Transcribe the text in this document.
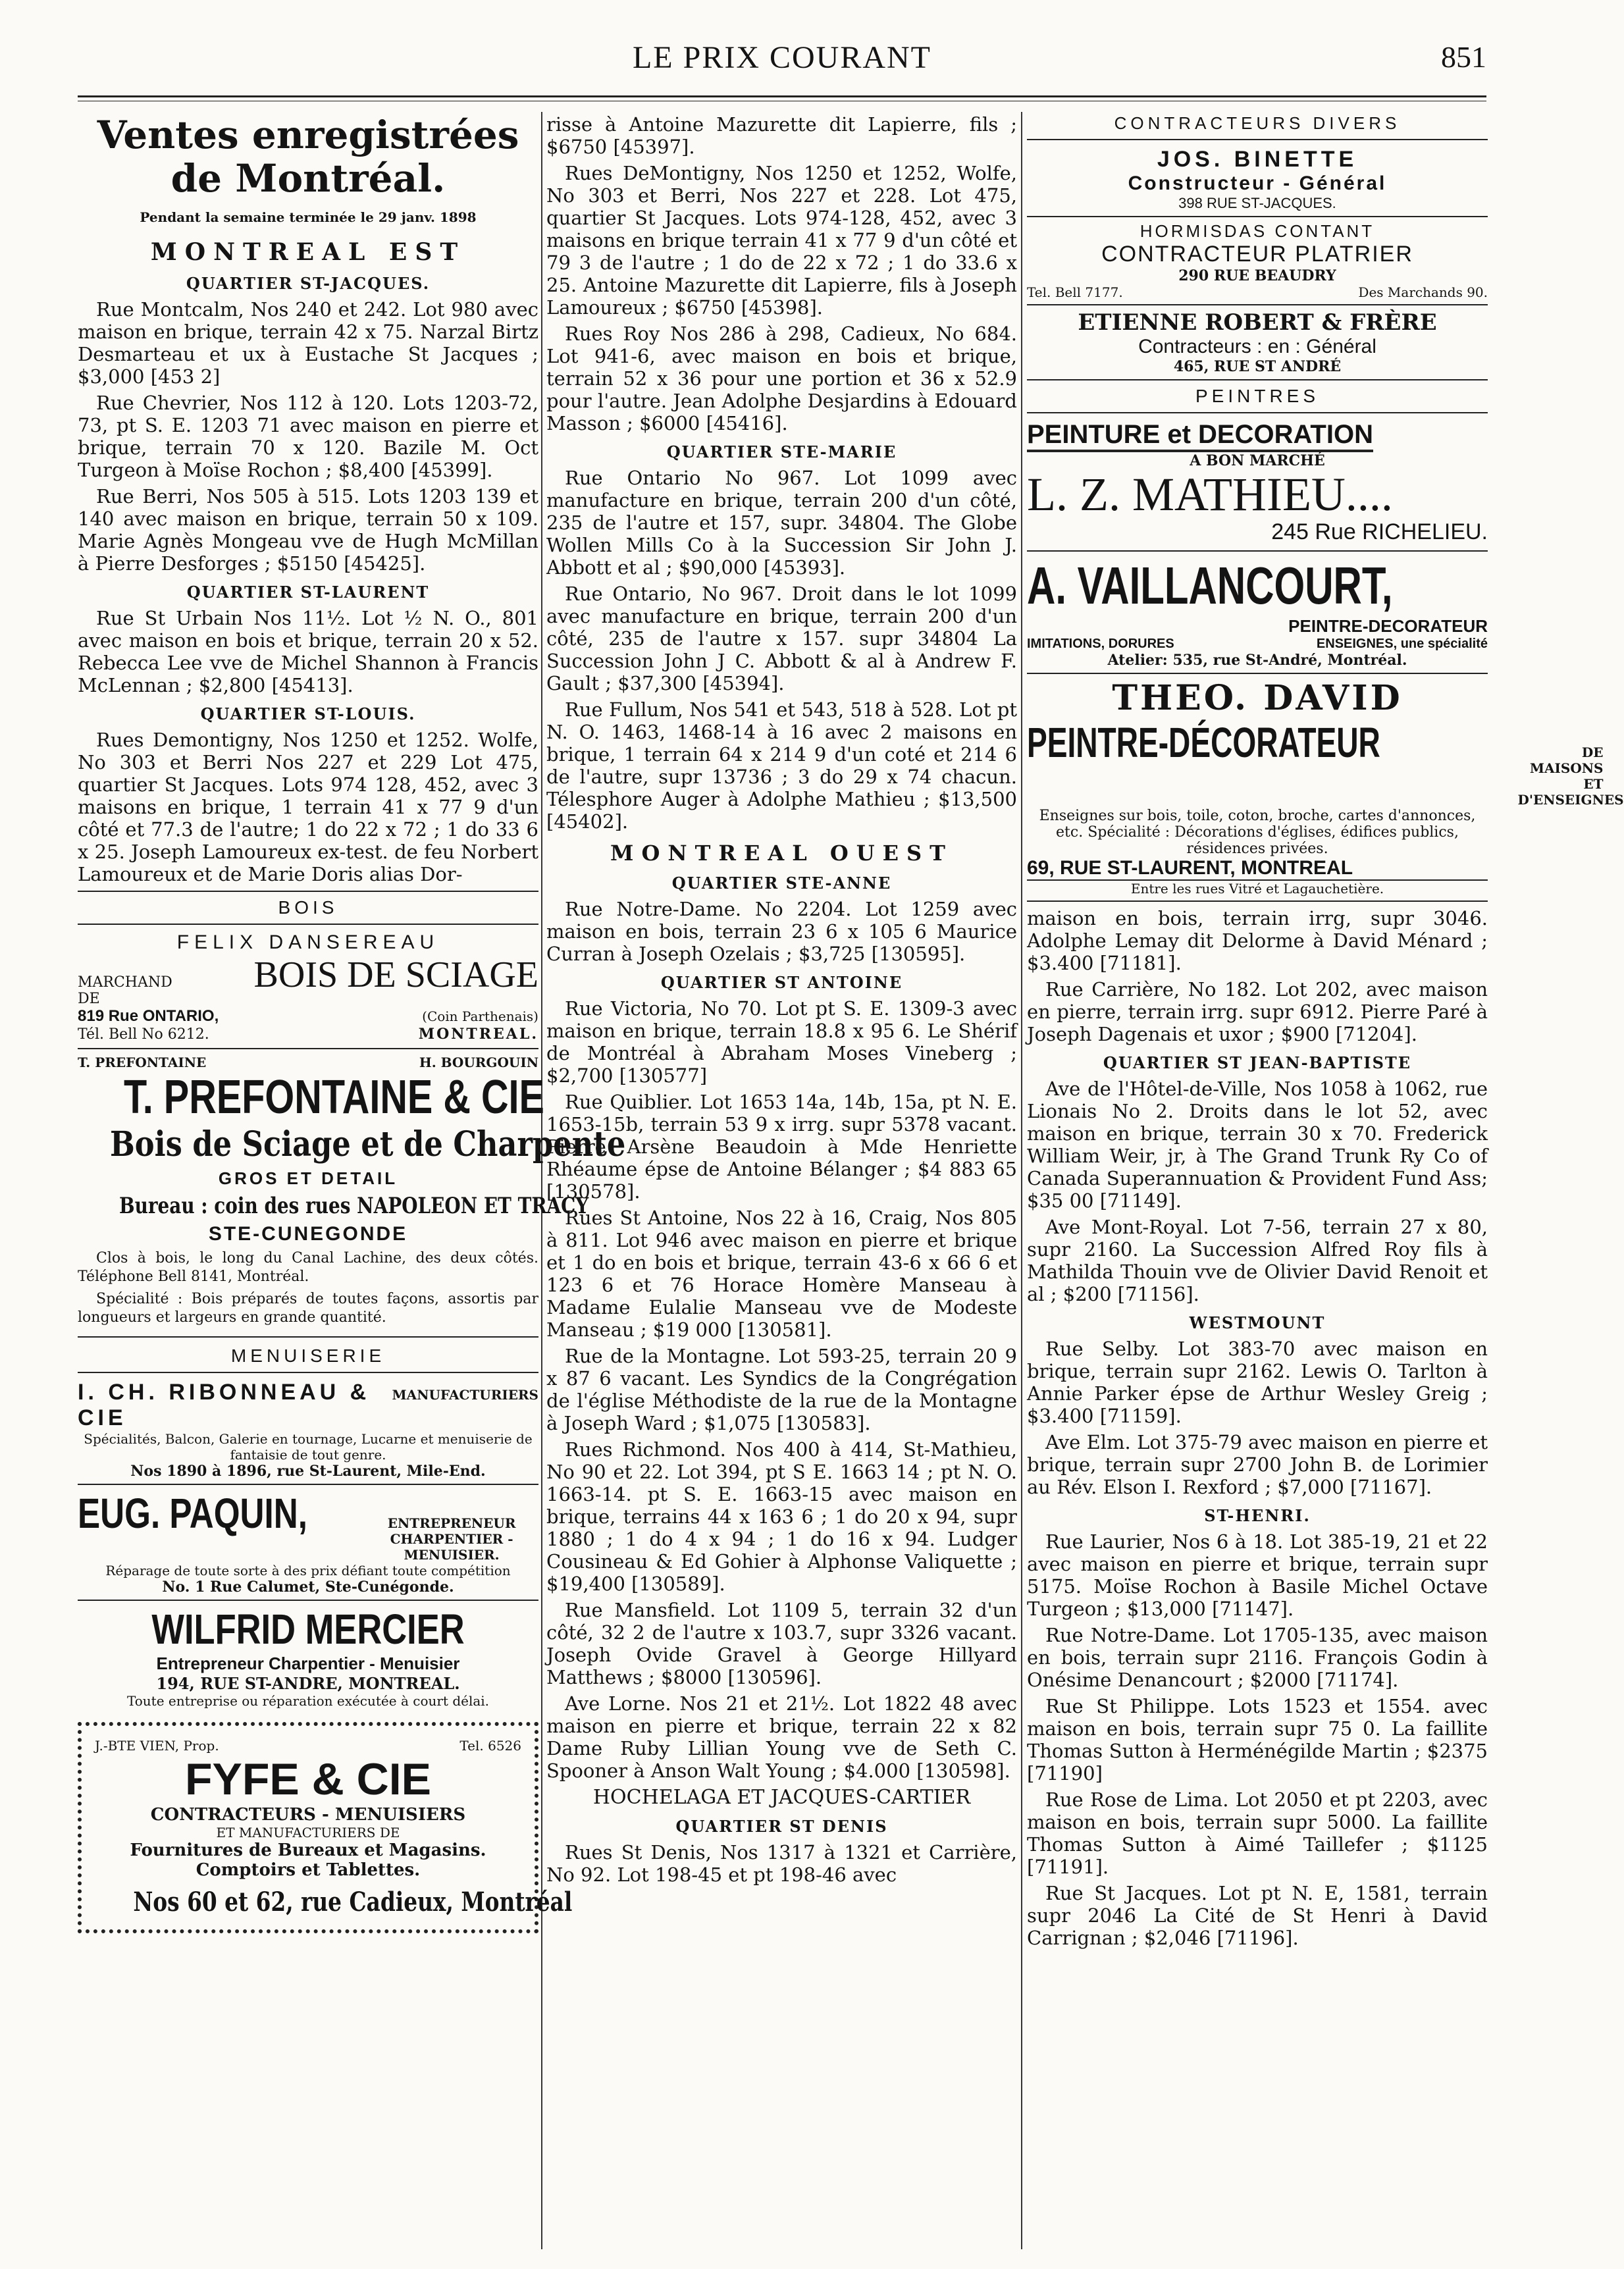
LE PRIX COURANT	851
Ventes enregistrées de Montréal.
Pendant la semaine terminée le 29 janv. 1898
MONTREAL EST
QUARTIER ST-JACQUES.

Rue Montcalm, Nos 240 et 242. Lot 980 avec maison en brique, terrain 42 x 75. Narzal Birtz Desmarteau et ux à Eustache St Jacques ; $3,000 [453 2]

Rue Chevrier, Nos 112 à 120. Lots 1203-72, 73, pt S. E. 1203 71 avec maison en pierre et brique, terrain 70 x 120. Bazile M. Oct Turgeon à Moïse Rochon ; $8,400 [45399].

Rue Berri, Nos 505 à 515. Lots 1203 139 et 140 avec maison en brique, terrain 50 x 109. Marie Agnès Mongeau vve de Hugh McMillan à Pierre Desforges ; $5150 [45425].

QUARTIER ST-LAURENT

Rue St Urbain Nos 11½. Lot ½ N. O., 801 avec maison en bois et brique, terrain 20 x 52. Rebecca Lee vve de Michel Shannon à Francis McLennan ; $2,800 [45413].

QUARTIER ST-LOUIS.

Rues Demontigny, Nos 1250 et 1252. Wolfe, No 303 et Berri Nos 227 et 229 Lot 475, quartier St Jacques. Lots 974 128, 452, avec 3 maisons en brique, 1 terrain 41 x 77 9 d'un côté et 77.3 de l'autre; 1 do 22 x 72 ; 1 do 33 6 x 25. Joseph Lamoureux ex-test. de feu Norbert Lamoureux et de Marie Doris alias Dor-

BOIS
FELIX DANSEREAU
MARCHAND DE
BOIS DE SCIAGE
819 Rue ONTARIO,	(Coin Parthenais)
Tél. Bell No 6212.	MONTREAL.
T. PREFONTAINE	H. BOURGOUIN
T. PREFONTAINE & CIE
Bois de Sciage et de Charpente
GROS ET DETAIL
Bureau : coin des rues NAPOLEON ET TRACY
STE-CUNEGONDE

Clos à bois, le long du Canal Lachine, des deux côtés. Téléphone Bell 8141, Montréal.

Spécialité : Bois préparés de toutes façons, assortis par longueurs et largeurs en grande quantité.

MENUISERIE
I. CH. RIBONNEAU & CIE
MANUFACTURIERS
Spécialités, Balcon, Galerie en tournage, Lucarne et menuiserie de fantaisie de tout genre.
Nos 1890 à 1896, rue St-Laurent, Mile-End.
EUG. PAQUIN,	ENTREPRENEUR
CHARPENTIER - MENUISIER.
Réparage de toute sorte à des prix défiant toute compétition
No. 1 Rue Calumet, Ste-Cunégonde.
WILFRID MERCIER
Entrepreneur Charpentier - Menuisier
194, RUE ST-ANDRE, MONTREAL.
Toute entreprise ou réparation exécutée à court délai.
J.-BTE VIEN, Prop.	Tel. 6526
FYFE & CIE
CONTRACTEURS - MENUISIERS
ET MANUFACTURIERS DE
Fournitures de Bureaux et Magasins.
Comptoirs et Tablettes.
Nos 60 et 62, rue Cadieux, Montréal

risse à Antoine Mazurette dit Lapierre, fils ; $6750 [45397].

Rues DeMontigny, Nos 1250 et 1252, Wolfe, No 303 et Berri, Nos 227 et 228. Lot 475, quartier St Jacques. Lots 974-128, 452, avec 3 maisons en brique terrain 41 x 77 9 d'un côté et 79 3 de l'autre ; 1 do de 22 x 72 ; 1 do 33.6 x 25. Antoine Mazurette dit Lapierre, fils à Joseph Lamoureux ; $6750 [45398].

Rues Roy Nos 286 à 298, Cadieux, No 684. Lot 941-6, avec maison en bois et brique, terrain 52 x 36 pour une portion et 36 x 52.9 pour l'autre. Jean Adolphe Desjardins à Edouard Masson ; $6000 [45416].

QUARTIER STE-MARIE

Rue Ontario No 967. Lot 1099 avec manufacture en brique, terrain 200 d'un côté, 235 de l'autre et 157, supr. 34804. The Globe Wollen Mills Co à la Succession Sir John J. Abbott et al ; $90,000 [45393].

Rue Ontario, No 967. Droit dans le lot 1099 avec manufacture en brique, terrain 200 d'un côté, 235 de l'autre x 157. supr 34804 La Succession John J C. Abbott & al à Andrew F. Gault ; $37,300 [45394].

Rue Fullum, Nos 541 et 543, 518 à 528. Lot pt N. O. 1463, 1468-14 à 16 avec 2 maisons en brique, 1 terrain 64 x 214 9 d'un coté et 214 6 de l'autre, supr 13736 ; 3 do 29 x 74 chacun. Télesphore Auger à Adolphe Mathieu ; $13,500 [45402].

MONTREAL OUEST
QUARTIER STE-ANNE

Rue Notre-Dame. No 2204. Lot 1259 avec maison en bois, terrain 23 6 x 105 6 Maurice Curran à Joseph Ozelais ; $3,725 [130595].

QUARTIER ST ANTOINE

Rue Victoria, No 70. Lot pt S. E. 1309-3 avec maison en brique, terrain 18.8 x 95 6. Le Shérif de Montréal à Abraham Moses Vineberg ; $2,700 [130577]

Rue Quiblier. Lot 1653 14a, 14b, 15a, pt N. E. 1653-15b, terrain 53 9 x irrg. supr 5378 vacant. Pierre Arsène Beaudoin à Mde Henriette Rhéaume épse de Antoine Bélanger ; $4 883 65 [130578].

Rues St Antoine, Nos 22 à 16, Craig, Nos 805 à 811. Lot 946 avec maison en pierre et brique et 1 do en bois et brique, terrain 43-6 x 66 6 et 123 6 et 76 Horace Homère Manseau à Madame Eulalie Manseau vve de Modeste Manseau ; $19 000 [130581].

Rue de la Montagne. Lot 593-25, terrain 20 9 x 87 6 vacant. Les Syndics de la Congrégation de l'église Méthodiste de la rue de la Montagne à Joseph Ward ; $1,075 [130583].

Rues Richmond. Nos 400 à 414, St-Mathieu, No 90 et 22. Lot 394, pt S E. 1663 14 ; pt N. O. 1663-14. pt S. E. 1663-15 avec maison en brique, terrains 44 x 163 6 ; 1 do 20 x 94, supr 1880 ; 1 do 4 x 94 ; 1 do 16 x 94. Ludger Cousineau & Ed Gohier à Alphonse Valiquette ; $19,400 [130589].

Rue Mansfield. Lot 1109 5, terrain 32 d'un côté, 32 2 de l'autre x 103.7, supr 3326 vacant. Joseph Ovide Gravel à George Hillyard Matthews ; $8000 [130596].

Ave Lorne. Nos 21 et 21½. Lot 1822 48 avec maison en pierre et brique, terrain 22 x 82 Dame Ruby Lillian Young vve de Seth C. Spooner à Anson Walt Young ; $4.000 [130598].

HOCHELAGA ET JACQUES-CARTIER
QUARTIER ST DENIS

Rues St Denis, Nos 1317 à 1321 et Carrière, No 92. Lot 198-45 et pt 198-46 avec

CONTRACTEURS DIVERS
JOS. BINETTE
Constructeur - Général
398 RUE ST-JACQUES.
HORMISDAS CONTANT
CONTRACTEUR PLATRIER
290 RUE BEAUDRY
Tel. Bell 7177.	Des Marchands 90.
ETIENNE ROBERT & FRÈRE
Contracteurs : en : Général
465, RUE ST ANDRÉ
PEINTRES
PEINTURE et DECORATION
A BON MARCHÉ
L. Z. MATHIEU....
245 Rue RICHELIEU.
A. VAILLANCOURT,
PEINTRE-DECORATEUR
IMITATIONS, DORURES	ENSEIGNES, une spécialité
Atelier: 535, rue St-André, Montréal.
THEO. DAVID
PEINTRE-DÉCORATEUR	DE MAISONS ET D'ENSEIGNES
Enseignes sur bois, toile, coton, broche, cartes d'annonces, etc. Spécialité : Décorations d'églises, édifices publics, résidences privées.
69, RUE ST-LAURENT, MONTREAL
Entre les rues Vitré et Lagauchetière.

maison en bois, terrain irrg, supr 3046. Adolphe Lemay dit Delorme à David Ménard ; $3.400 [71181].

Rue Carrière, No 182. Lot 202, avec maison en pierre, terrain irrg. supr 6912. Pierre Paré à Joseph Dagenais et uxor ; $900 [71204].

QUARTIER ST JEAN-BAPTISTE

Ave de l'Hôtel-de-Ville, Nos 1058 à 1062, rue Lionais No 2. Droits dans le lot 52, avec maison en brique, terrain 30 x 70. Frederick William Weir, jr, à The Grand Trunk Ry Co of Canada Superannuation & Provident Fund Ass; $35 00 [71149].

Ave Mont-Royal. Lot 7-56, terrain 27 x 80, supr 2160. La Succession Alfred Roy fils à Mathilda Thouin vve de Olivier David Renoit et al ; $200 [71156].

WESTMOUNT

Rue Selby. Lot 383-70 avec maison en brique, terrain supr 2162. Lewis O. Tarlton à Annie Parker épse de Arthur Wesley Greig ; $3.400 [71159].

Ave Elm. Lot 375-79 avec maison en pierre et brique, terrain supr 2700 John B. de Lorimier au Rév. Elson I. Rexford ; $7,000 [71167].

ST-HENRI.

Rue Laurier, Nos 6 à 18. Lot 385-19, 21 et 22 avec maison en pierre et brique, terrain supr 5175. Moïse Rochon à Basile Michel Octave Turgeon ; $13,000 [71147].

Rue Notre-Dame. Lot 1705-135, avec maison en bois, terrain supr 2116. François Godin à Onésime Denancourt ; $2000 [71174].

Rue St Philippe. Lots 1523 et 1554. avec maison en bois, terrain supr 75 0. La faillite Thomas Sutton à Herménégilde Martin ; $2375 [71190]

Rue Rose de Lima. Lot 2050 et pt 2203, avec maison en bois, terrain supr 5000. La faillite Thomas Sutton à Aimé Taillefer ; $1125 [71191].

Rue St Jacques. Lot pt N. E, 1581, terrain supr 2046 La Cité de St Henri à David Carrignan ; $2,046 [71196].
